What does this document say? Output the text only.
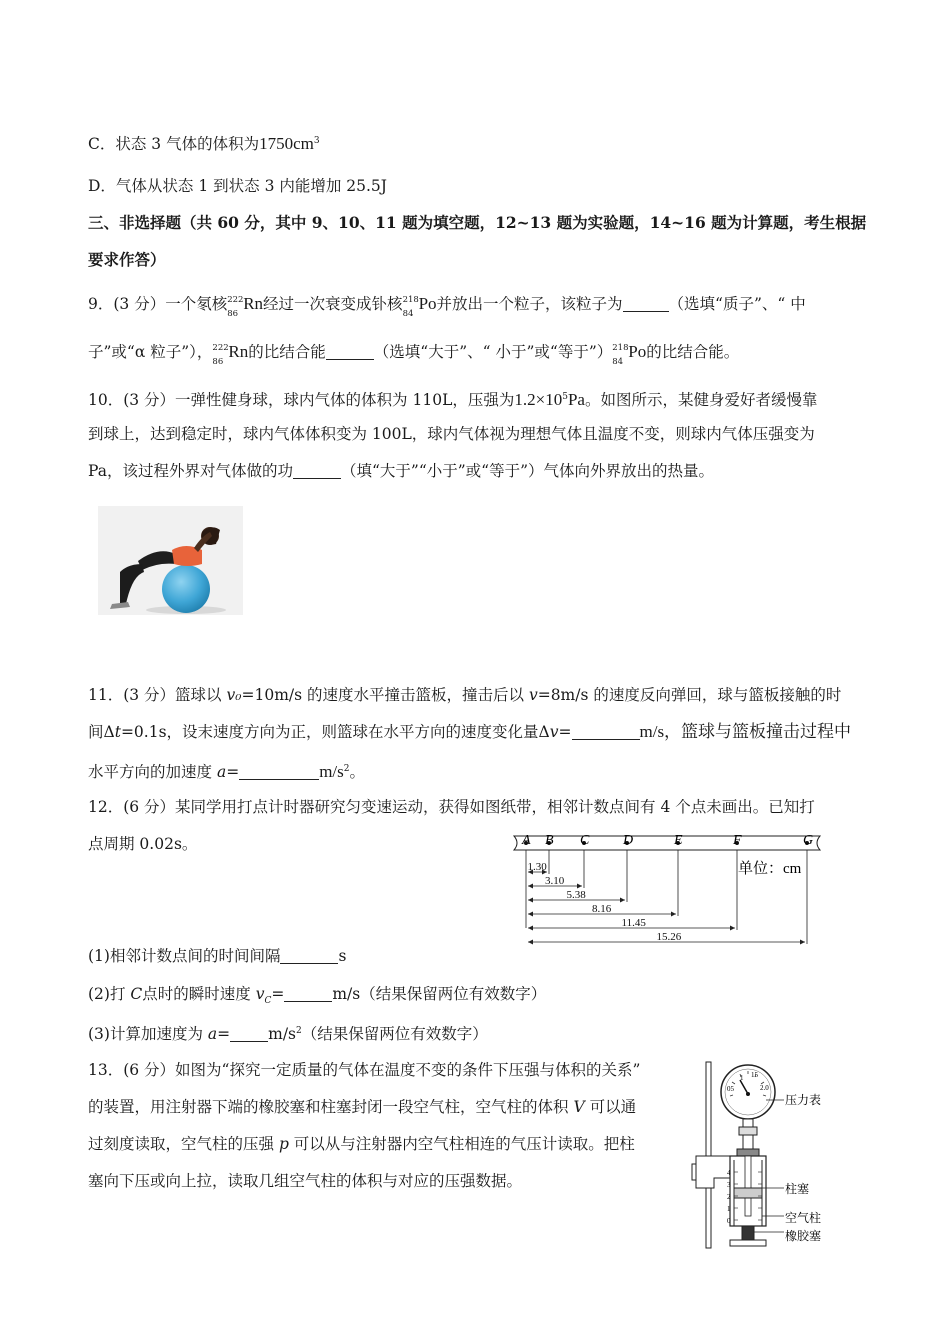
C．状态 3 气体的体积为$1750cm^3$
D．气体从状态 1 到状态 3 内能增加 25.5J
三、非选择题（共 60 分，其中 9、10、11 题为填空题，12~13 题为实验题，14~16 题为计算题，考生根据
要求作答）
9．(3 分）一个氡核 222
86
Rn经过一次衰变成钋核 218
84
Po并放出一个粒子，该粒子为	（选填“质子”、“ 中
子”或“α 粒子”）， 222
86
Rn的比结合能	（选填“大于”、“ 小于”或“等于”） 218
84
Po的比结合能。
10．(3 分）一弹性健身球，球内气体的体积为 110L，压强为$1.2\times 10^5Pa$。如图所示，某健身爱好者缓慢靠
到球上，达到稳定时，球内气体体积变为 100L，球内气体视为理想气体且温度不变，则球内气体压强变为
Pa，该过程外界对气体做的功	（填“大于”“小于”或“等于”）气体向外界放出的热量。
11．(3 分）篮球以 v₀=10m/s 的速度水平撞击篮板，撞击后以 v=8m/s 的速度反向弹回，球与篮板接触的时
间Δt=0.1s，设末速度方向为正，则篮球在水平方向的速度变化量Δv=	m/s，篮球与篮板撞击过程中
水平方向的加速度 a=	$m/s^2$。
12．(6 分）某同学用打点计时器研究匀变速运动，获得如图纸带，相邻计数点间有 4 个点未画出。已知打
点周期 0.02s。	A B C D	E	F	G
1.30
3.10
5.38
8.16
11.45
15.26
单位：cm
(1)相邻计数点间的时间间隔	s
(2)打 C点时的瞬时速度 $v_C=$	m/s（结果保留两位有效数字）
(3)计算加速度为 $a= m/s^2$（结果保留两位有效数字）
13．(6 分）如图为“探究一定质量的气体在温度不变的条件下压强与体积的关系”
的装置，用注射器下端的橡胶塞和柱塞封闭一段空气柱，空气柱的体积 V 可以通
过刻度读取，空气柱的压强 p 可以从与注射器内空气柱相连的气压计读取。把柱
塞向下压或向上拉，读取几组空气柱的体积与对应的压强数据。
05
1 15
2.0
4
3
2
1
0
压力表
柱塞
空气柱
橡胶塞
